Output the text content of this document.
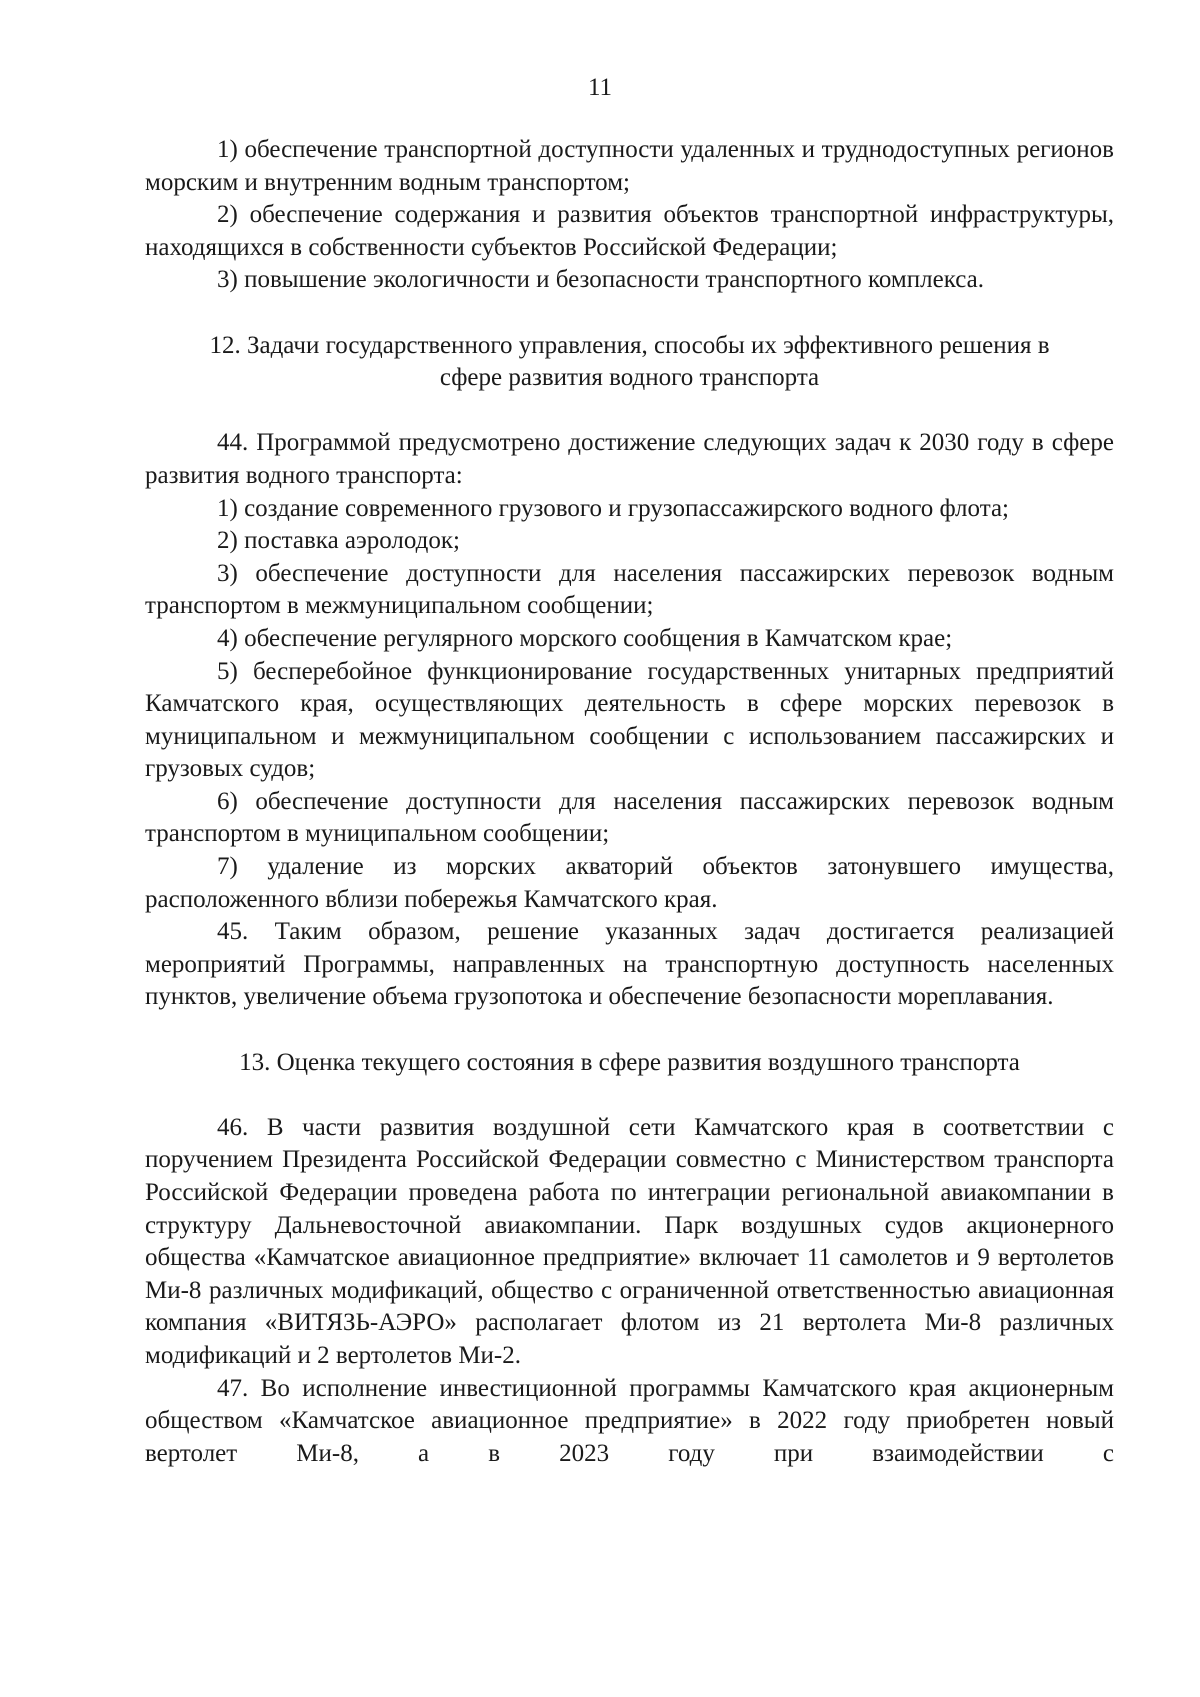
11

1) обеспечение транспортной доступности удаленных и труднодоступных регионов морским и внутренним водным транспортом;

2) обеспечение содержания и развития объектов транспортной инфраструктуры, находящихся в собственности субъектов Российской Федерации;

3) повышение экологичности и безопасности транспортного комплекса.

12. Задачи государственного управления, способы их эффективного решения в
сфере развития водного транспорта

44. Программой предусмотрено достижение следующих задач к 2030 году в сфере развития водного транспорта:

1) создание современного грузового и грузопассажирского водного флота;

2) поставка аэролодок;

3) обеспечение доступности для населения пассажирских перевозок водным транспортом в межмуниципальном сообщении;

4) обеспечение регулярного морского сообщения в Камчатском крае;

5) бесперебойное функционирование государственных унитарных предприятий Камчатского края, осуществляющих деятельность в сфере морских перевозок в муниципальном и межмуниципальном сообщении с использованием пассажирских и грузовых судов;

6) обеспечение доступности для населения пассажирских перевозок водным транспортом в муниципальном сообщении;

7) удаление из морских акваторий объектов затонувшего имущества, расположенного вблизи побережья Камчатского края.

45. Таким образом, решение указанных задач достигается реализацией мероприятий Программы, направленных на транспортную доступность населенных пунктов, увеличение объема грузопотока и обеспечение безопасности мореплавания.

13. Оценка текущего состояния в сфере развития воздушного транспорта

46. В части развития воздушной сети Камчатского края в соответствии с поручением Президента Российской Федерации совместно с Министерством транспорта Российской Федерации проведена работа по интеграции региональной авиакомпании в структуру Дальневосточной авиакомпании. Парк воздушных судов акционерного общества «Камчатское авиационное предприятие» включает 11 самолетов и 9 вертолетов Ми-8 различных модификаций, общество с ограниченной ответственностью авиационная компания «ВИТЯЗЬ-АЭРО» располагает флотом из 21 вертолета Ми-8 различных модификаций и 2 вертолетов Ми-2.

47. Во исполнение инвестиционной программы Камчатского края акционерным обществом «Камчатское авиационное предприятие» в 2022 году приобретен новый вертолет Ми-8, а в 2023 году при взаимодействии с
